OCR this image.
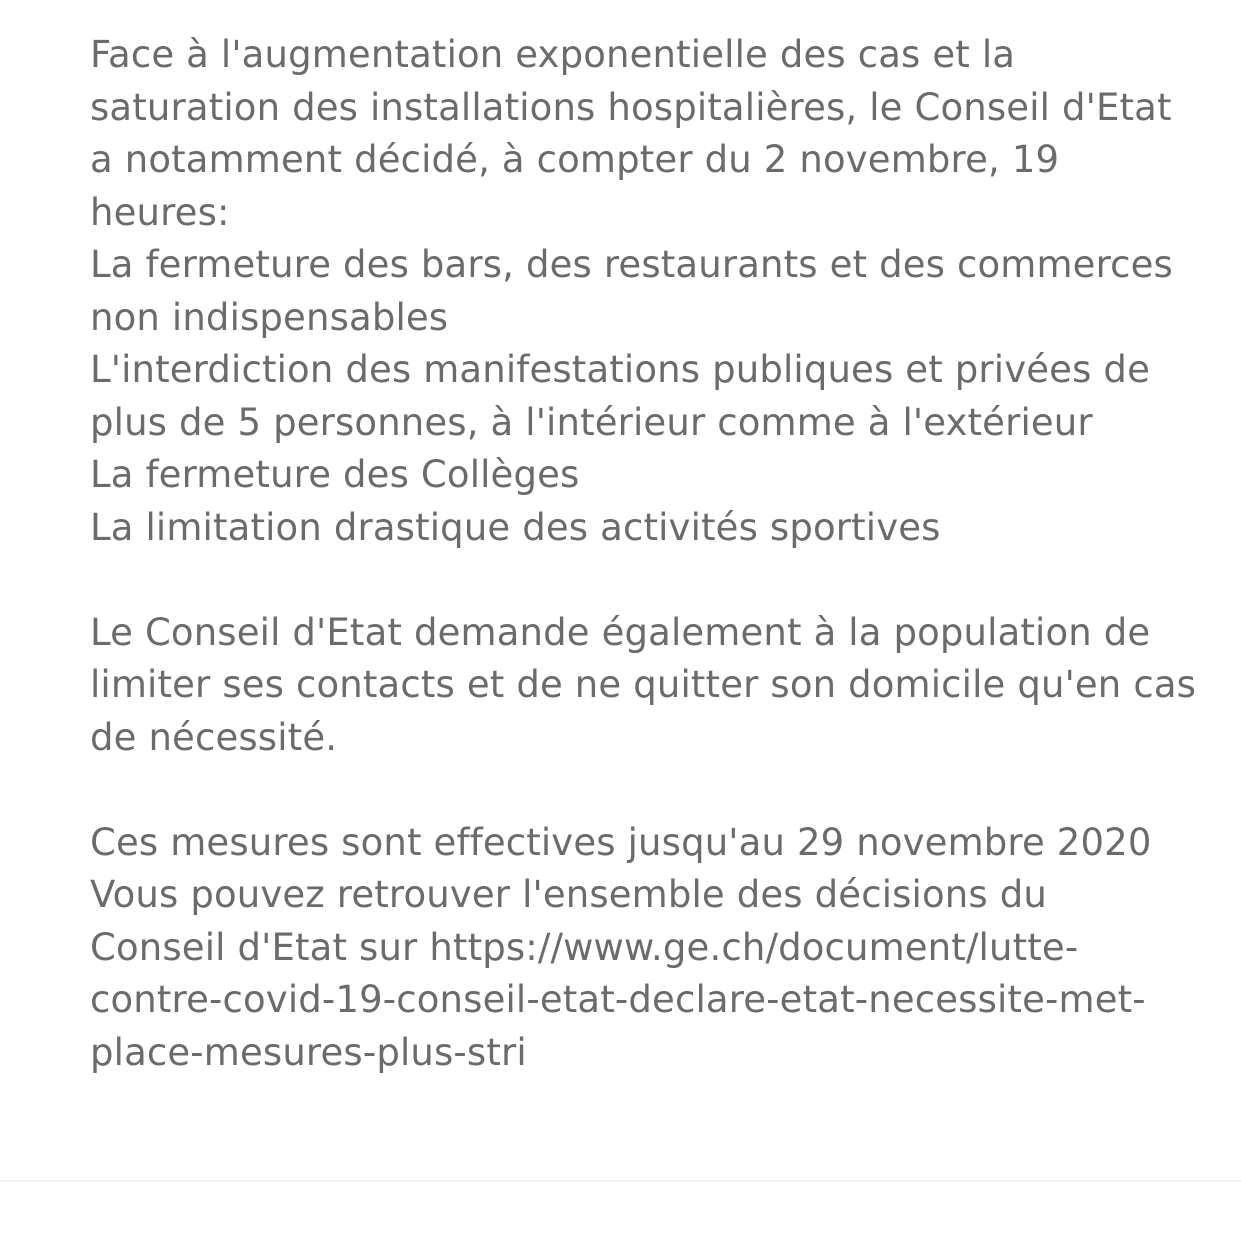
Face à l'augmentation exponentielle des cas et la
saturation des installations hospitalières, le Conseil d'Etat
a notamment décidé, à compter du 2 novembre, 19
heures:
La fermeture des bars, des restaurants et des commerces
non indispensables
L'interdiction des manifestations publiques et privées de
plus de 5 personnes, à l'intérieur comme à l'extérieur
La fermeture des Collèges
La limitation drastique des activités sportives
Le Conseil d'Etat demande également à la population de
limiter ses contacts et de ne quitter son domicile qu'en cas
de nécessité.
Ces mesures sont effectives jusqu'au 29 novembre 2020
Vous pouvez retrouver l'ensemble des décisions du
Conseil d'Etat sur https://www.ge.ch/document/lutte-
contre-covid-19-conseil-etat-declare-etat-necessite-met-
place-mesures-plus-stri
